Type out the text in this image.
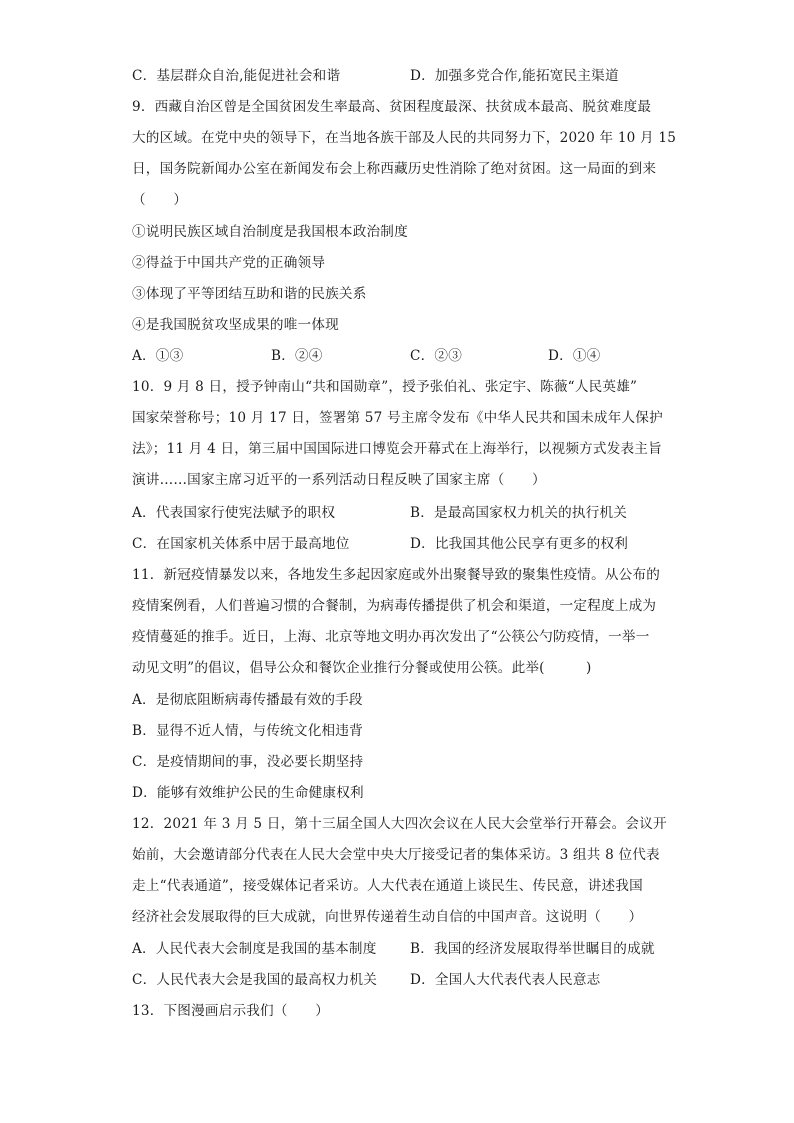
C．基层群众自治,能促进社会和谐	D．加强多党合作,能拓宽民主渠道
9．西藏自治区曾是全国贫困发生率最高、贫困程度最深、扶贫成本最高、脱贫难度最
大的区域。在党中央的领导下，在当地各族干部及人民的共同努力下，2020 年 10 月 15
日，国务院新闻办公室在新闻发布会上称西藏历史性消除了绝对贫困。这一局面的到来
（　　）
①说明民族区域自治制度是我国根本政治制度
②得益于中国共产党的正确领导
③体现了平等团结互助和谐的民族关系
④是我国脱贫攻坚成果的唯一体现
A．①③	B．②④	C．②③	D．①④
10．9 月 8 日，授予钟南山“共和国勋章”，授予张伯礼、张定宇、陈薇“人民英雄”
国家荣誉称号；10 月 17 日，签署第 57 号主席令发布《中华人民共和国未成年人保护
法》；11 月 4 日，第三届中国国际进口博览会开幕式在上海举行，以视频方式发表主旨
演讲……国家主席习近平的一系列活动日程反映了国家主席（　　）
A．代表国家行使宪法赋予的职权	B．是最高国家权力机关的执行机关
C．在国家机关体系中居于最高地位	D．比我国其他公民享有更多的权利
11．新冠疫情暴发以来，各地发生多起因家庭或外出聚餐导致的聚集性疫情。从公布的
疫情案例看，人们普遍习惯的合餐制，为病毒传播提供了机会和渠道，一定程度上成为
疫情蔓延的推手。近日，上海、北京等地文明办再次发出了“公筷公勺防疫情，一举一
动见文明”的倡议，倡导公众和餐饮企业推行分餐或使用公筷。此举(　　　)
A．是彻底阻断病毒传播最有效的手段
B．显得不近人情，与传统文化相违背
C．是疫情期间的事，没必要长期坚持
D．能够有效维护公民的生命健康权利
12．2021 年 3 月 5 日，第十三届全国人大四次会议在人民大会堂举行开幕会。会议开
始前，大会邀请部分代表在人民大会堂中央大厅接受记者的集体采访。3 组共 8 位代表
走上“代表通道”，接受媒体记者采访。人大代表在通道上谈民生、传民意，讲述我国
经济社会发展取得的巨大成就，向世界传递着生动自信的中国声音。这说明（　　）
A．人民代表大会制度是我国的基本制度 B．我国的经济发展取得举世瞩目的成就
C．人民代表大会是我国的最高权力机关 D．全国人大代表代表人民意志
13．下图漫画启示我们（　　）
